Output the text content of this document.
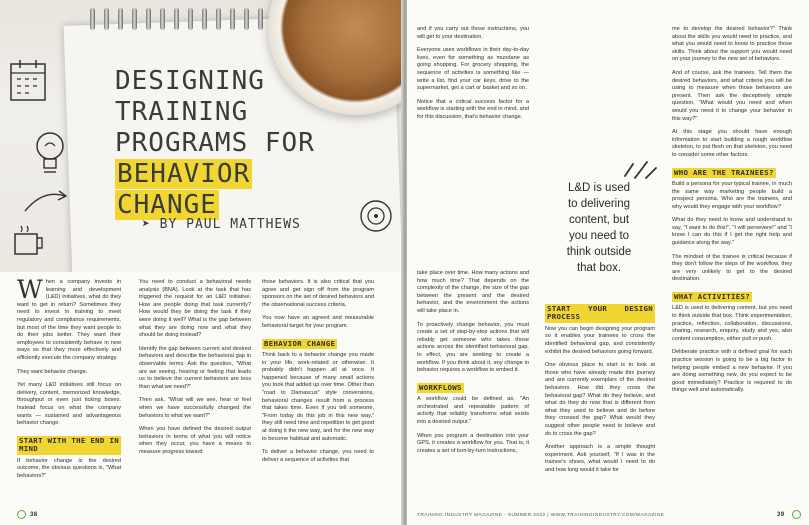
DESIGNING
TRAINING
PROGRAMS FOR BEHAVIOR
CHANGE
➤ BY PAUL MATTHEWS

When a company invests in learning and development (L&D) initiatives, what do they want to get in return? Sometimes they need to invest in training to meet regulatory and compliance requirements, but most of the time they want people to do their jobs better. They want their employees to consistently behave in new ways so that they more effectively and efficiently execute the company strategy.

They want behavior change.

Yet many L&D initiatives still focus on delivery, content, memorized knowledge, throughput or even just ticking boxes. Instead focus on what the company wants — sustained and advantageous behavior change.

START WITH THE END IN MIND

If behavior change is the desired outcome, the obvious questions is, "What behaviors?"

You need to conduct a behavioral needs analysis (BNA). Look at the task that has triggered the request for an L&D initiative. How are people doing that task currently? How would they be doing the task if they were doing it well? What is the gap between what they are doing now and what they should be doing instead?

Identify the gap between current and desired behaviors and describe the behavioral gap in observable terms. Ask the question, "What are we seeing, hearing or feeling that leads us to believe the current behaviors are less than what we need?"

Then ask, "What will we see, hear or feel when we have successfully changed the behaviors to what we want?"

When you have defined the desired output behaviors in terms of what you will notice when they occur, you have a means to measure progress toward

those behaviors. It is also critical that you agree and get sign off from the program sponsors on the set of desired behaviors and the observational success criteria.

You now have an agreed and measurable behavioral target for your program.

BEHAVIOR CHANGE

Think back to a behavior change you made in your life, work-related or otherwise. It probably didn't happen all at once. It happened because of many small actions you took that added up over time. Other than "road to Damascus" style conversions, behavioral changes result from a process that takes time. Even if you tell someone, "From today do this job in this new way," they still need time and repetition to get good at doing it the new way, and for the new way to become habitual and automatic.

To deliver a behavior change, you need to deliver a sequence of activities that

38

and if you carry out those instructions, you will get to your destination.

Everyone uses workflows in their day-to-day lives, even for something as mundane as going shopping. For grocery shopping, the sequence of activities is something like — write a list, find your car keys, drive to the supermarket, get a cart or basket and so on.

Notice that a critical success factor for a workflow is starting with the end in mind, and for this discussion, that's behavior change.

L&D is used
to delivering
content, but
you need to
think outside
that box.

take place over time. How many actions and how much time? That depends on the complexity of the change, the size of the gap between the present and the desired behavior, and the environment the actions will take place in.

To proactively change behavior, you must create a set of step-by-step actions that will reliably get someone who takes those actions across the identified behavioral gap. In effect, you are seeking to create a workflow. If you think about it, any change in behavior requires a workflow to embed it.

WORKFLOWS

A workflow could be defined as, "An orchestrated and repeatable pattern of activity that reliably transforms what exists into a desired output."

When you program a destination into your GPS, it creates a workflow for you. That is, it creates a set of turn-by-turn instructions,

START YOUR DESIGN PROCESS

Now you can begin designing your program so it enables your trainees to cross the identified behavioral gap, and consistently exhibit the desired behaviors going forward.

One obvious place to start is to look at those who have already made this journey and are currently exemplars of the desired behaviors. How did they cross the behavioral gap? What do they believe, and what do they do now that is different from what they used to believe and do before they crossed the gap? What would they suggest other people need to believe and do to cross the gap?

Another approach is a simple thought experiment. Ask yourself, "If I was in the trainee's shoes, what would I need to do and how long would it take for

me to develop the desired behavior?" Think about the skills you would need to practice, and what you would need to know to practice those skills. Think about the support you would need on your journey to the new set of behaviors.

And of course, ask the trainees. Tell them the desired behaviors, and what criteria you will be using to measure when those behaviors are present. Then ask the deceptively simple question, "What would you need and when would you need it to change your behavior in this way?"

At this stage you should have enough information to start building a rough workflow skeleton, to put flesh on that skeleton, you need to consider some other factors.

WHO ARE THE TRAINEES?

Build a persona for your typical trainee, in much the same way marketing people build a prospect persona. Who are the trainees, and why would they engage with your workflow?

What do they need to know and understand to say, "I want to do this!", "I will persevere!" and "I know I can do this if I get the right help and guidance along the way."

The mindset of the trainee is critical because if they don't follow the steps of the workflow, they are very unlikely to get to the desired destination.

WHAT ACTIVITIES?

L&D is used to delivering content, but you need to think outside that box. Think experimentation, practice, reflection, collaboration, discussions, sharing, research, enquiry, study and yes, also content consumption, either pull or push.

Deliberate practice with a defined goal for each practice session is going to be a big factor in helping people embed a new behavior. If you are doing something new, do you expect to be good immediately? Practice is required to do things well and automatically.

TRAINING INDUSTRY MAGAZINE - SUMMER 2022 | WWW.TRAININGINDUSTRY.COM/MAGAZINE	39
